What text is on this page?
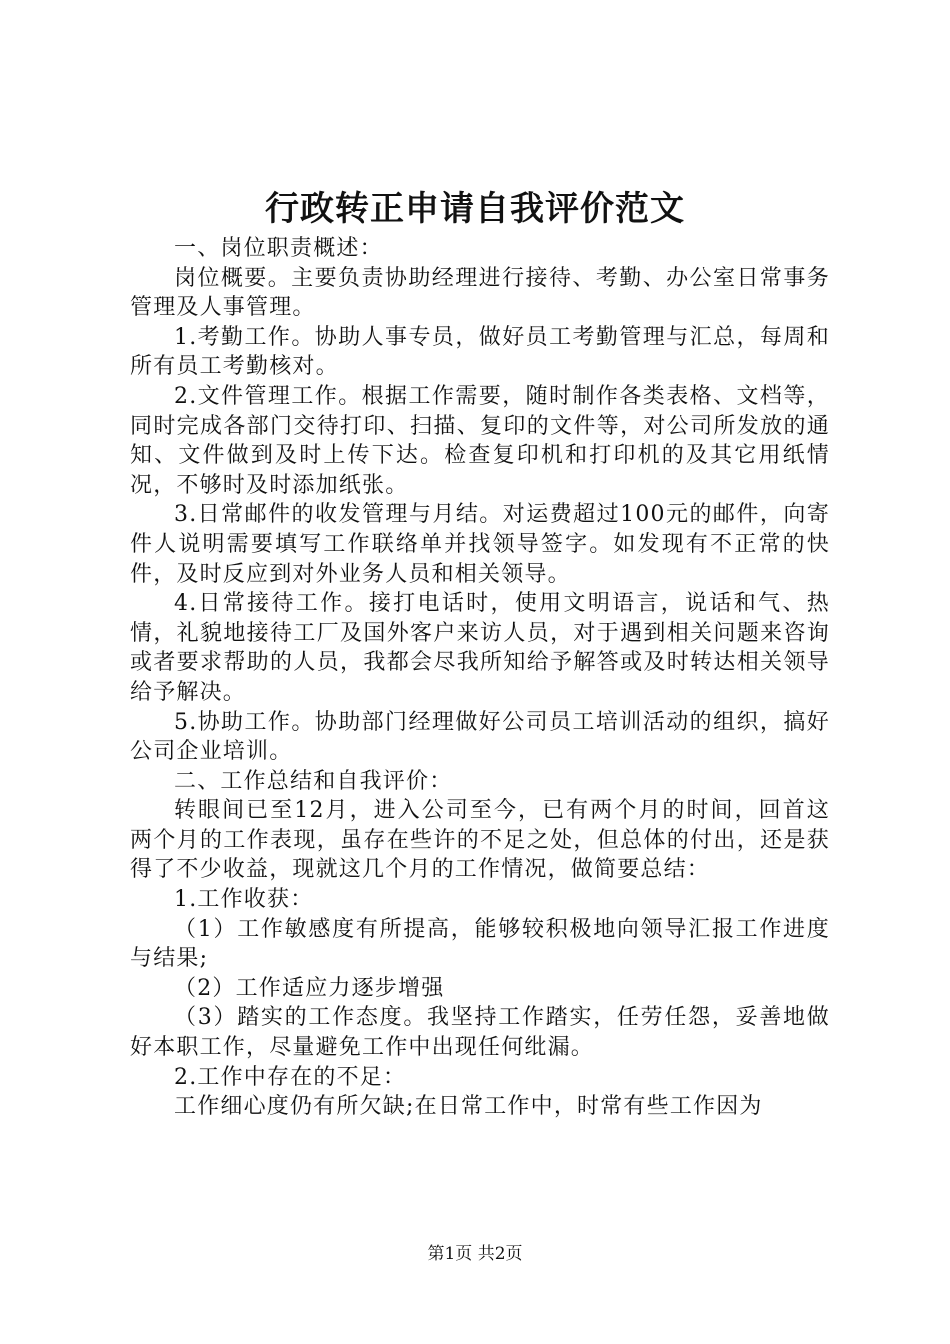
行政转正申请自我评价范文

一、岗位职责概述：

岗位概要。主要负责协助经理进行接待、考勤、办公室日常事务管理及人事管理。

1.考勤工作。协助人事专员，做好员工考勤管理与汇总，每周和所有员工考勤核对。

2.文件管理工作。根据工作需要，随时制作各类表格、文档等，同时完成各部门交待打印、扫描、复印的文件等，对公司所发放的通知、文件做到及时上传下达。检查复印机和打印机的及其它用纸情况，不够时及时添加纸张。

3.日常邮件的收发管理与月结。对运费超过100元的邮件，向寄件人说明需要填写工作联络单并找领导签字。如发现有不正常的快件，及时反应到对外业务人员和相关领导。

4.日常接待工作。接打电话时，使用文明语言，说话和气、热情，礼貌地接待工厂及国外客户来访人员，对于遇到相关问题来咨询或者要求帮助的人员，我都会尽我所知给予解答或及时转达相关领导给予解决。

5.协助工作。协助部门经理做好公司员工培训活动的组织，搞好公司企业培训。

二、工作总结和自我评价：

转眼间已至12月，进入公司至今，已有两个月的时间，回首这两个月的工作表现，虽存在些许的不足之处，但总体的付出，还是获得了不少收益，现就这几个月的工作情况，做简要总结：

1.工作收获：

（1）工作敏感度有所提高，能够较积极地向领导汇报工作进度与结果;

（2）工作适应力逐步增强

（3）踏实的工作态度。我坚持工作踏实，任劳任怨，妥善地做好本职工作，尽量避免工作中出现任何纰漏。

2.工作中存在的不足：

工作细心度仍有所欠缺;在日常工作中，时常有些工作因为

第1页 共2页
